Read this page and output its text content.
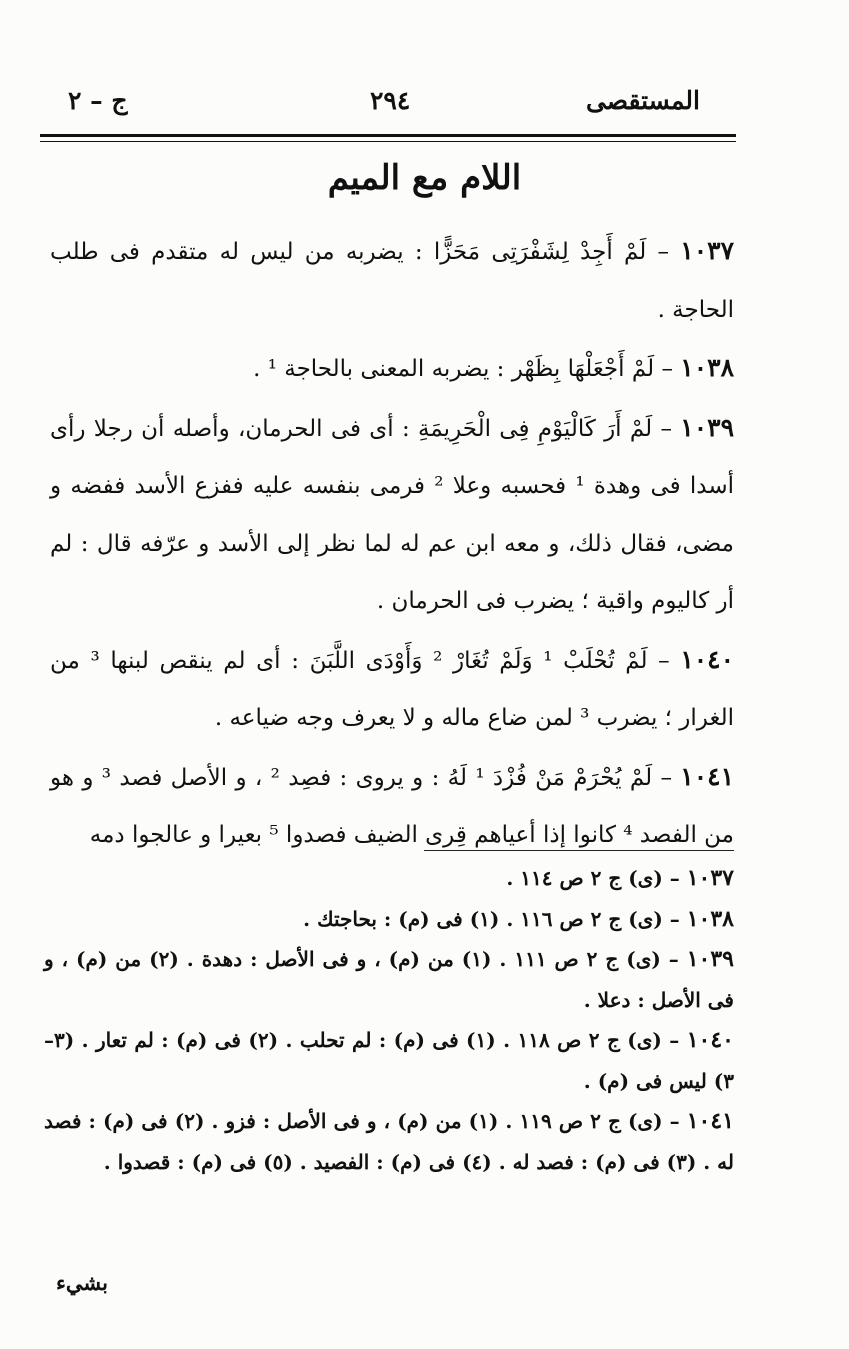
المستقصى
٢٩٤
ج – ٢
اللام مع الميم

١٠٣٧ – لَمْ أَجِدْ لِشَفْرَتِى مَحَزًّا : يضربه من ليس له متقدم فى طلب الحاجة .

١٠٣٨ – لَمْ أَجْعَلْهَا بِظَهْر : يضربه المعنى بالحاجة ¹ .

١٠٣٩ – لَمْ أَرَ كَالْيَوْمِ فِى الْحَرِيمَةِ : أى فى الحرمان، وأصله أن رجلا رأى أسدا فى وهدة ¹ فحسبه وعلا ² فرمى بنفسه عليه ففزع الأسد ففضه و مضى، فقال ذلك، و معه ابن عم له لما نظر إلى الأسد و عرّفه قال : لم أر كاليوم واقية ؛ يضرب فى الحرمان .

١٠٤٠ – لَمْ تُحْلَبْ ¹ وَلَمْ تُغَارْ ² وَأَوْدَى اللَّبَنَ : أى لم ينقص لبنها ³ من الغرار ؛ يضرب ³ لمن ضاع ماله و لا يعرف وجه ضياعه .

١٠٤١ – لَمْ يُحْرَمْ مَنْ فُزْدَ ¹ لَهُ : و يروى : فصِد ² ، و الأصل فصد ³ و هو من الفصد ⁴ كانوا إذا أعياهم قِرى الضيف فصدوا ⁵ بعيرا و عالجوا دمه

١٠٣٧ – (ى) ج ٢ ص ١١٤ .

١٠٣٨ – (ى) ج ٢ ص ١١٦ . (١) فى (م) : بحاجتك .

١٠٣٩ – (ى) ج ٢ ص ١١١ . (١) من (م) ، و فى الأصل : دهدة . (٢) من (م) ، و فى الأصل : دعلا .

١٠٤٠ – (ى) ج ٢ ص ١١٨ . (١) فى (م) : لم تحلب . (٢) فى (م) : لم تعار . (٣–٣) ليس فى (م) .

١٠٤١ – (ى) ج ٢ ص ١١٩ . (١) من (م) ، و فى الأصل : فزو . (٢) فى (م) : فصد له . (٣) فى (م) : فصد له . (٤) فى (م) : الفصيد . (٥) فى (م) : قصدوا .

بشيء
